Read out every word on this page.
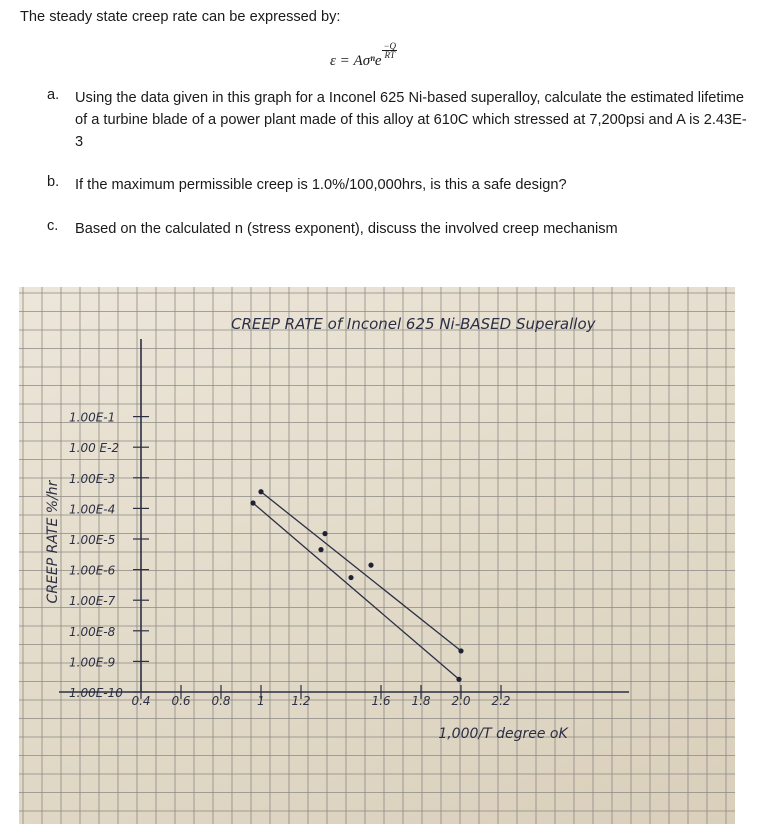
The steady state creep rate can be expressed by:
ε = Aσⁿe
$\frac{-Q}{RT}$
a.	Using the data given in this graph for a Inconel 625 Ni-based superalloy, calculate the estimated lifetime of a turbine blade of a power plant made of this alloy at 610C which stressed at 7,200psi and A is 2.43E-3
b.	If the maximum permissible creep is 1.0%/100,000hrs, is this a safe design?
c.	Based on the calculated n (stress exponent), discuss the involved creep mechanism
CREEP RATE of Inconel 625 Ni-BASED Superalloy
1,000/T degree oK
CREEP RATE %/hr
1.00E-1
1.00 E-2
1.00E-3
1.00E-4
1.00E-5
1.00E-6
1.00E-7
1.00E-8
1.00E-9
1.00E-10
0.4 0.6 0.8 1 1.2	1.6 1.8 2.0 2.2
